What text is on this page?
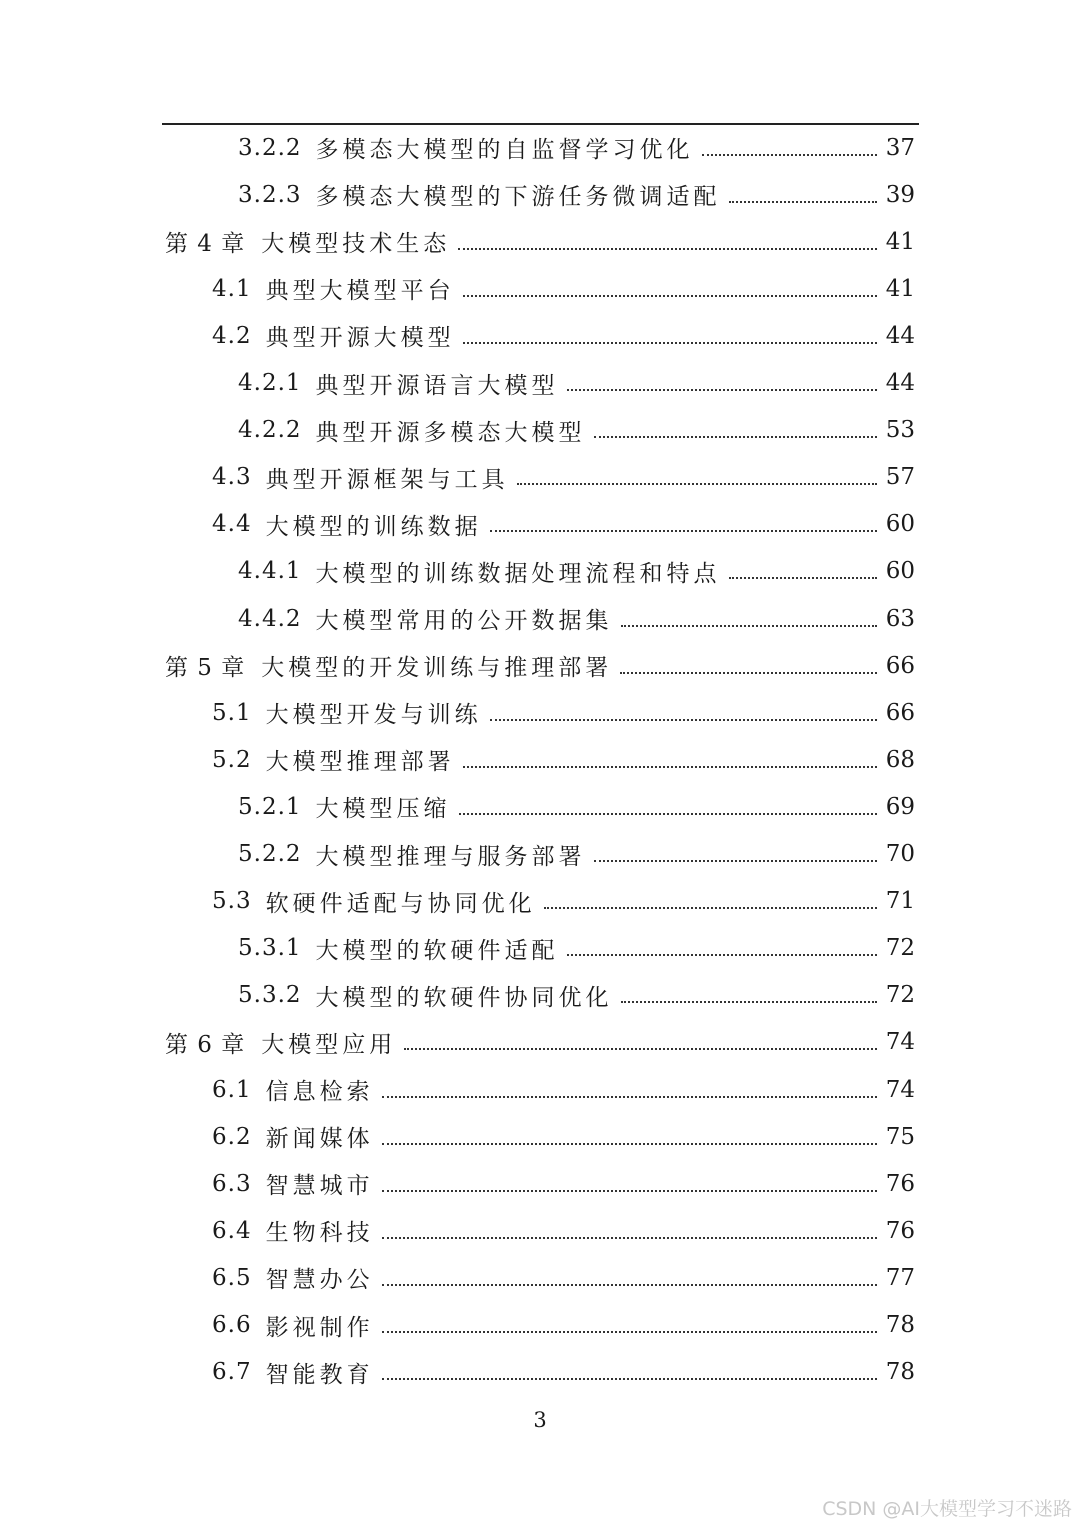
3.2.2 多模态大模型的自监督学习优化	37
3.2.3 多模态大模型的下游任务微调适配	39
第 4 章 大模型技术生态	41
4.1 典型大模型平台	41
4.2 典型开源大模型	44
4.2.1 典型开源语言大模型	44
4.2.2 典型开源多模态大模型	53
4.3 典型开源框架与工具	57
4.4 大模型的训练数据	60
4.4.1 大模型的训练数据处理流程和特点	60
4.4.2 大模型常用的公开数据集	63
第 5 章 大模型的开发训练与推理部署	66
5.1 大模型开发与训练	66
5.2 大模型推理部署	68
5.2.1 大模型压缩	69
5.2.2 大模型推理与服务部署	70
5.3 软硬件适配与协同优化	71
5.3.1 大模型的软硬件适配	72
5.3.2 大模型的软硬件协同优化	72
第 6 章 大模型应用	74
6.1 信息检索	74
6.2 新闻媒体	75
6.3 智慧城市	76
6.4 生物科技	76
6.5 智慧办公	77
6.6 影视制作	78
6.7 智能教育	78
3
CSDN @AI大模型学习不迷路
